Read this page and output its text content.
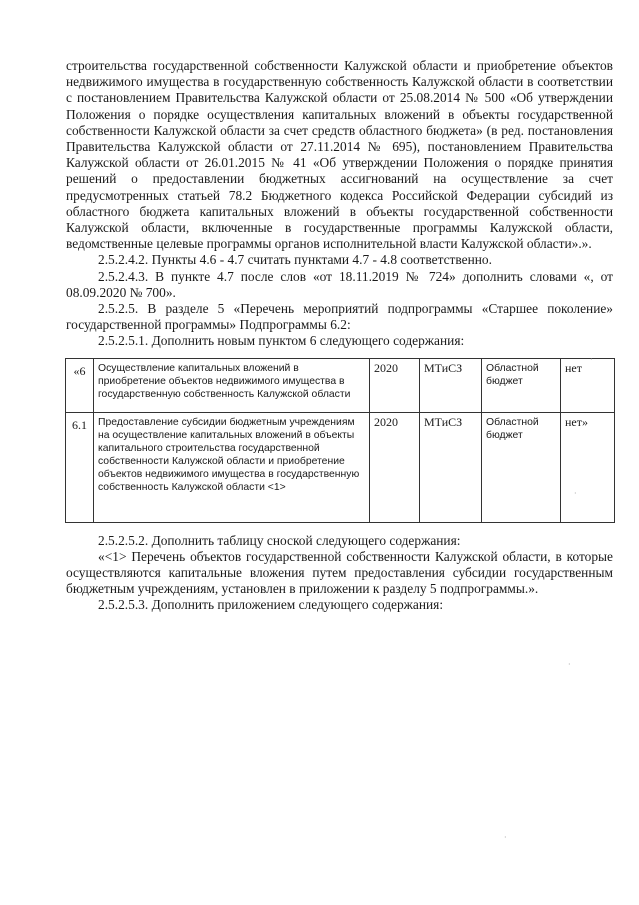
строительства государственной собственности Калужской области и приобретение объектов недвижимого имущества в государственную собственность Калужской области в соответствии с постановлением Правительства Калужской области от 25.08.2014 № 500 «Об утверждении Положения о порядке осуществления капитальных вложений в объекты государственной собственности Калужской области за счет средств областного бюджета» (в ред. постановления Правительства Калужской области от 27.11.2014 № 695), постановлением Правительства Калужской области от 26.01.2015 № 41 «Об утверждении Положения о порядке принятия решений о предоставлении бюджетных ассигнований на осуществление за счет предусмотренных статьей 78.2 Бюджетного кодекса Российской Федерации субсидий из областного бюджета капитальных вложений в объекты государственной собственности Калужской области, включенные в государственные программы Калужской области, ведомственные целевые программы органов исполнительной власти Калужской области».».

2.5.2.4.2. Пункты 4.6 - 4.7 считать пунктами 4.7 - 4.8 соответственно.

2.5.2.4.3. В пункте 4.7 после слов «от 18.11.2019 № 724» дополнить словами «, от 08.09.2020 № 700».

2.5.2.5. В разделе 5 «Перечень мероприятий подпрограммы «Старшее поколение» государственной программы» Подпрограммы 6.2:

2.5.2.5.1. Дополнить новым пунктом 6 следующего содержания:

«6	Осуществление капитальных вложений в приобретение объектов недвижимого имущества в государственную собственность Калужской области	2020	МТиСЗ	Областной бюджет	нет
6.1	Предоставление субсидии бюджетным учреждениям на осуществление капитальных вложений в объекты капитального строительства государственной собственности Калужской области и приобретение объектов недвижимого имущества в государственную собственность Калужской области <1>	2020	МТиСЗ	Областной бюджет	нет»

2.5.2.5.2. Дополнить таблицу сноской следующего содержания:

«<1> Перечень объектов государственной собственности Калужской области, в которые осуществляются капитальные вложения путем предоставления субсидии государственным бюджетным учреждениям, установлен в приложении к разделу 5 подпрограммы.».

2.5.2.5.3. Дополнить приложением следующего содержания:

·
·
·
·
